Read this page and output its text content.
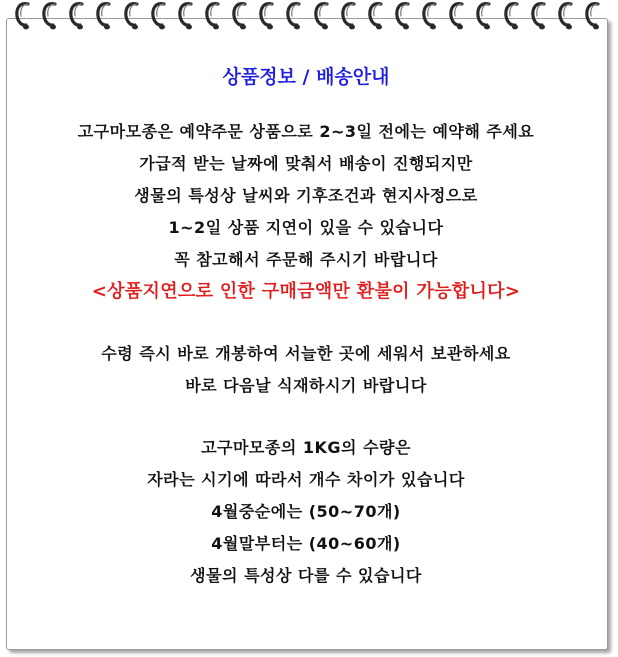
상품정보 / 배송안내
고구마모종은 예약주문 상품으로 2~3일 전에는 예약해 주세요
가급적 받는 날짜에 맞춰서 배송이 진행되지만
생물의 특성상 날씨와 기후조건과 현지사정으로
1~2일 상품 지연이 있을 수 있습니다
꼭 참고해서 주문해 주시기 바랍니다
<상품지연으로 인한 구매금액만 환불이 가능합니다>
수령 즉시 바로 개봉하여 서늘한 곳에 세워서 보관하세요
바로 다음날 식재하시기 바랍니다
고구마모종의 1KG의 수량은
자라는 시기에 따라서 개수 차이가 있습니다
4월중순에는 (50~70개)
4월말부터는 (40~60개)
생물의 특성상 다를 수 있습니다
